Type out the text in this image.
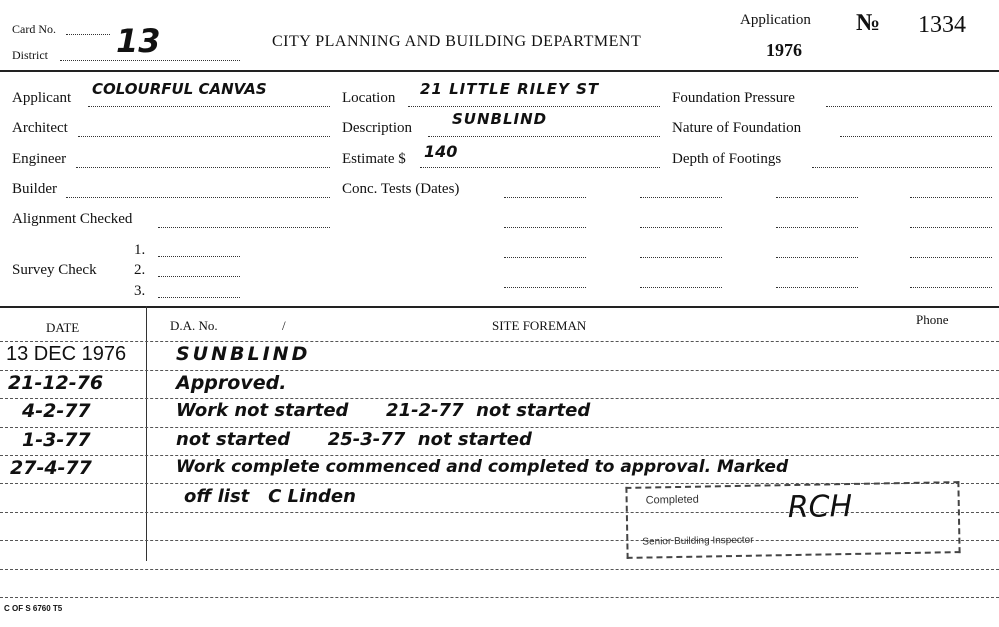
Card No.
District 13	CITY PLANNING AND BUILDING DEPARTMENT
Application
1976
№ 1334
Applicant COLOURFUL CANVAS
Architect
Engineer
Builder
Alignment Checked
Survey Check
1.
2.
3.
Location 21 LITTLE RILEY ST
Description	SUNBLIND
Estimate $ 140
Conc. Tests (Dates)
Foundation Pressure
Nature of Foundation
Depth of Footings
DATE	D.A. No.	/	SITE FOREMAN	Phone
13 DEC 1976	SUNBLIND
21-12-76	Approved.
4-2-77	Work not started      21-2-77  not started
1-3-77	not started      25-3-77  not started
27-4-77	Work complete commenced and completed to approval. Marked
off list   C Linden	Completed
Senior Building Inspector
RCH
C OF S 6760 T5
